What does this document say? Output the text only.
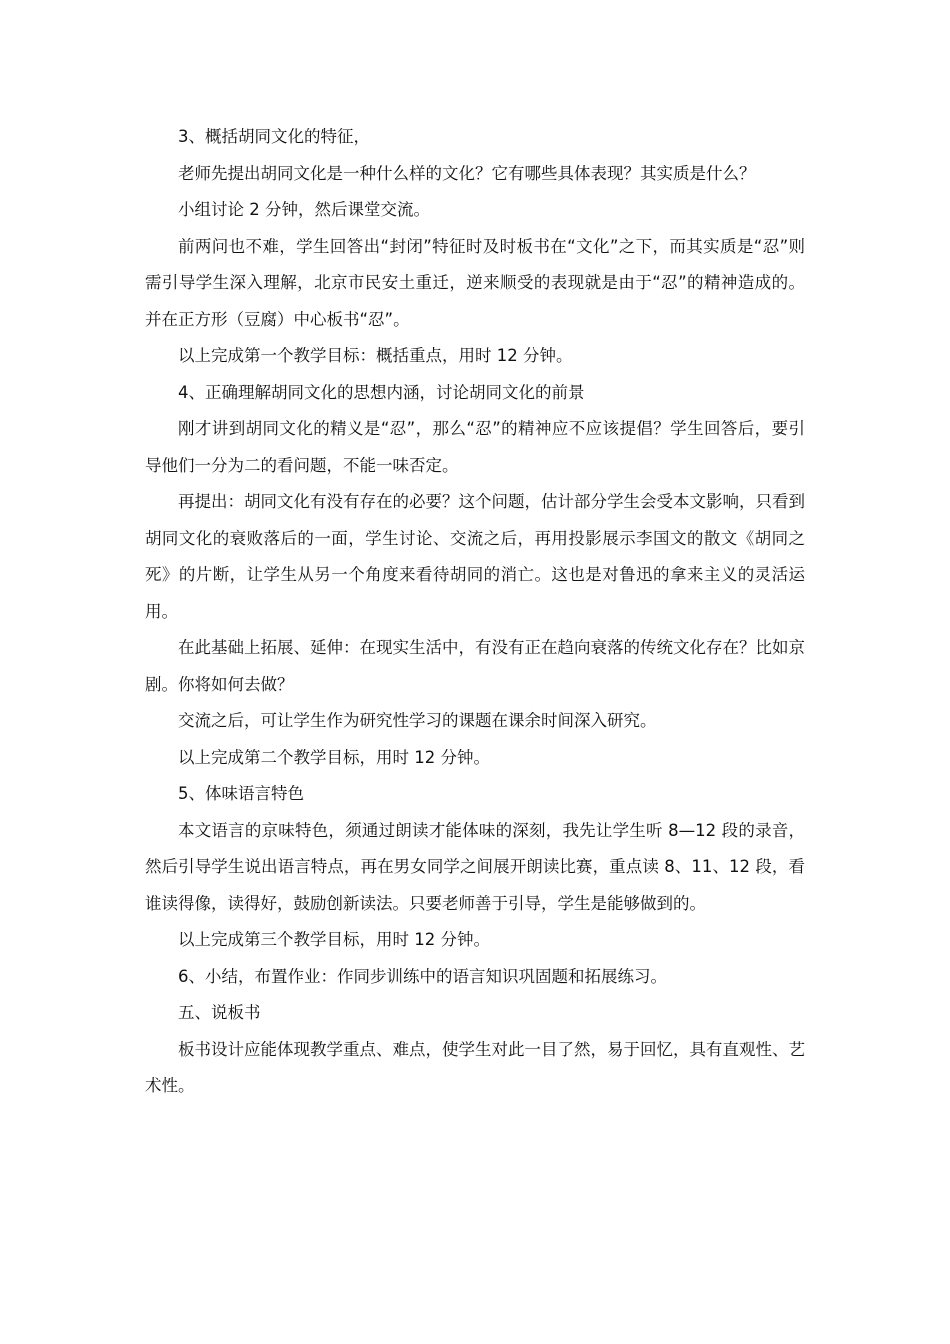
3、概括胡同文化的特征，

老师先提出胡同文化是一种什么样的文化？它有哪些具体表现？其实质是什么？

小组讨论 2 分钟，然后课堂交流。

前两问也不难，学生回答出“封闭”特征时及时板书在“文化”之下，而其实质是“忍”则需引导学生深入理解，北京市民安土重迁，逆来顺受的表现就是由于“忍”的精神造成的。并在正方形（豆腐）中心板书“忍”。

以上完成第一个教学目标：概括重点，用时 12 分钟。

4、正确理解胡同文化的思想内涵，讨论胡同文化的前景

刚才讲到胡同文化的精义是“忍”，那么“忍”的精神应不应该提倡？学生回答后，要引导他们一分为二的看问题，不能一味否定。

再提出：胡同文化有没有存在的必要？这个问题，估计部分学生会受本文影响，只看到胡同文化的衰败落后的一面，学生讨论、交流之后，再用投影展示李国文的散文《胡同之死》的片断，让学生从另一个角度来看待胡同的消亡。这也是对鲁迅的拿来主义的灵活运用。

在此基础上拓展、延伸：在现实生活中，有没有正在趋向衰落的传统文化存在？比如京剧。你将如何去做？

交流之后，可让学生作为研究性学习的课题在课余时间深入研究。

以上完成第二个教学目标，用时 12 分钟。

5、体味语言特色

本文语言的京味特色，须通过朗读才能体味的深刻，我先让学生听 8—12 段的录音，然后引导学生说出语言特点，再在男女同学之间展开朗读比赛，重点读 8、11、12 段，看谁读得像，读得好，鼓励创新读法。只要老师善于引导，学生是能够做到的。

以上完成第三个教学目标，用时 12 分钟。

6、小结，布置作业：作同步训练中的语言知识巩固题和拓展练习。

五、说板书

板书设计应能体现教学重点、难点，使学生对此一目了然，易于回忆，具有直观性、艺术性。
